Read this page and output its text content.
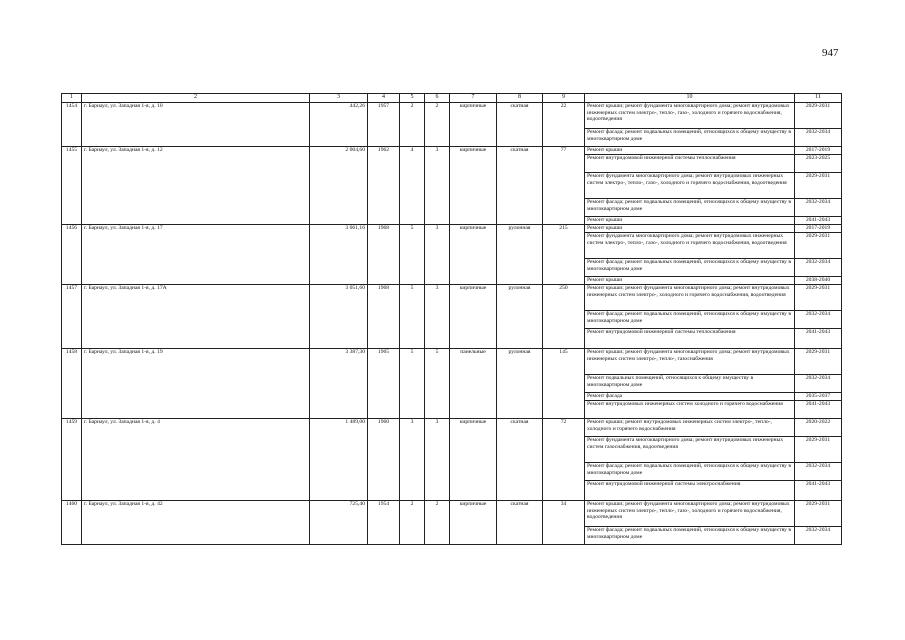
947
1	2	3	4	5	6	7	8	9	10	11
1454	г. Барнаул, ул. Западная 1-я, д. 10	442,26	1957	2	2	кирпичные	скатная	22	Ремонт крыши; ремонт фундамента многоквартирного дома; ремонт внутридомовых инженерных систем электро-, тепло-, газо-, холодного и горячего водоснабжения, водоотведения	2029-2031
									Ремонт фасада; ремонт подвальных помещений, относящихся к общему имуществу в многоквартирном доме	2032-2034
1455	г. Барнаул, ул. Западная 1-я, д. 12	2 004,60	1962	4	3	кирпичные	скатная	77	Ремонт крыши	2017-2019
									Ремонт внутридомовой инженерной системы теплоснабжения	2023-2025
									Ремонт фундамента многоквартирного дома; ремонт внутридомовых инженерных систем электро-, тепло-, газо-, холодного и горячего водоснабжения, водоотведения	2029-2031
									Ремонт фасада; ремонт подвальных помещений, относящихся к общему имуществу в многоквартирном доме	2032-2034
									Ремонт крыши	2041-2043
1456	г. Барнаул, ул. Западная 1-я, д. 17	3 061,16	1968	5	3	кирпичные	рулонная	215	Ремонт крыши	2017-2019
									Ремонт фундамента многоквартирного дома; ремонт внутридомовых инженерных систем электро-, тепло-, газо-, холодного и горячего водоснабжения, водоотведения	2029-2031
									Ремонт фасада; ремонт подвальных помещений, относящихся к общему имуществу в многоквартирном доме	2032-2034
									Ремонт крыши	2038-2040
1457	г. Барнаул, ул. Западная 1-я, д. 17А	3 051,60	1968	5	3	кирпичные	рулонная	250	Ремонт крыши; ремонт фундамента многоквартирного дома; ремонт внутридомовых инженерных систем электро-, холодного и горячего водоснабжения, водоотведения	2029-2031
									Ремонт фасада; ремонт подвальных помещений, относящихся к общему имуществу в многоквартирном доме	2032-2034
									Ремонт внутридомовой инженерной системы теплоснабжения	2041-2043
1458	г. Барнаул, ул. Западная 1-я, д. 19	3 387,30	1965	5	5	панельные	рулонная	145	Ремонт крыши; ремонт фундамента многоквартирного дома; ремонт внутридомовых инженерных систем электро-, тепло-, газоснабжения	2029-2031
									Ремонт подвальных помещений, относящихся к общему имуществу в многоквартирном доме	2032-2034
									Ремонт фасада	2035-2037
									Ремонт внутридомовых инженерных систем холодного и горячего водоснабжения	2041-2043
1459	г. Барнаул, ул. Западная 1-я, д. 4	1 489,00	1960	3	3	кирпичные	скатная	72	Ремонт крыши; ремонт внутридомовых инженерных систем электро-, тепло-, холодного и горячего водоснабжения	2020-2022
									Ремонт фундамента многоквартирного дома; ремонт внутридомовых инженерных систем газоснабжения, водоотведения	2029-2031
									Ремонт фасада; ремонт подвальных помещений, относящихся к общему имуществу в многоквартирном доме	2032-2034
									Ремонт внутридомовой инженерной системы электроснабжения	2041-2043
1460	г. Барнаул, ул. Западная 1-я, д. 42	725,40	1954	2	2	кирпичные	скатная	34	Ремонт крыши; ремонт фундамента многоквартирного дома; ремонт внутридомовых инженерных систем электро-, тепло-, газо-, холодного и горячего водоснабжения, водоотведения	2029-2031
									Ремонт фасада; ремонт подвальных помещений, относящихся к общему имуществу в многоквартирном доме	2032-2034
